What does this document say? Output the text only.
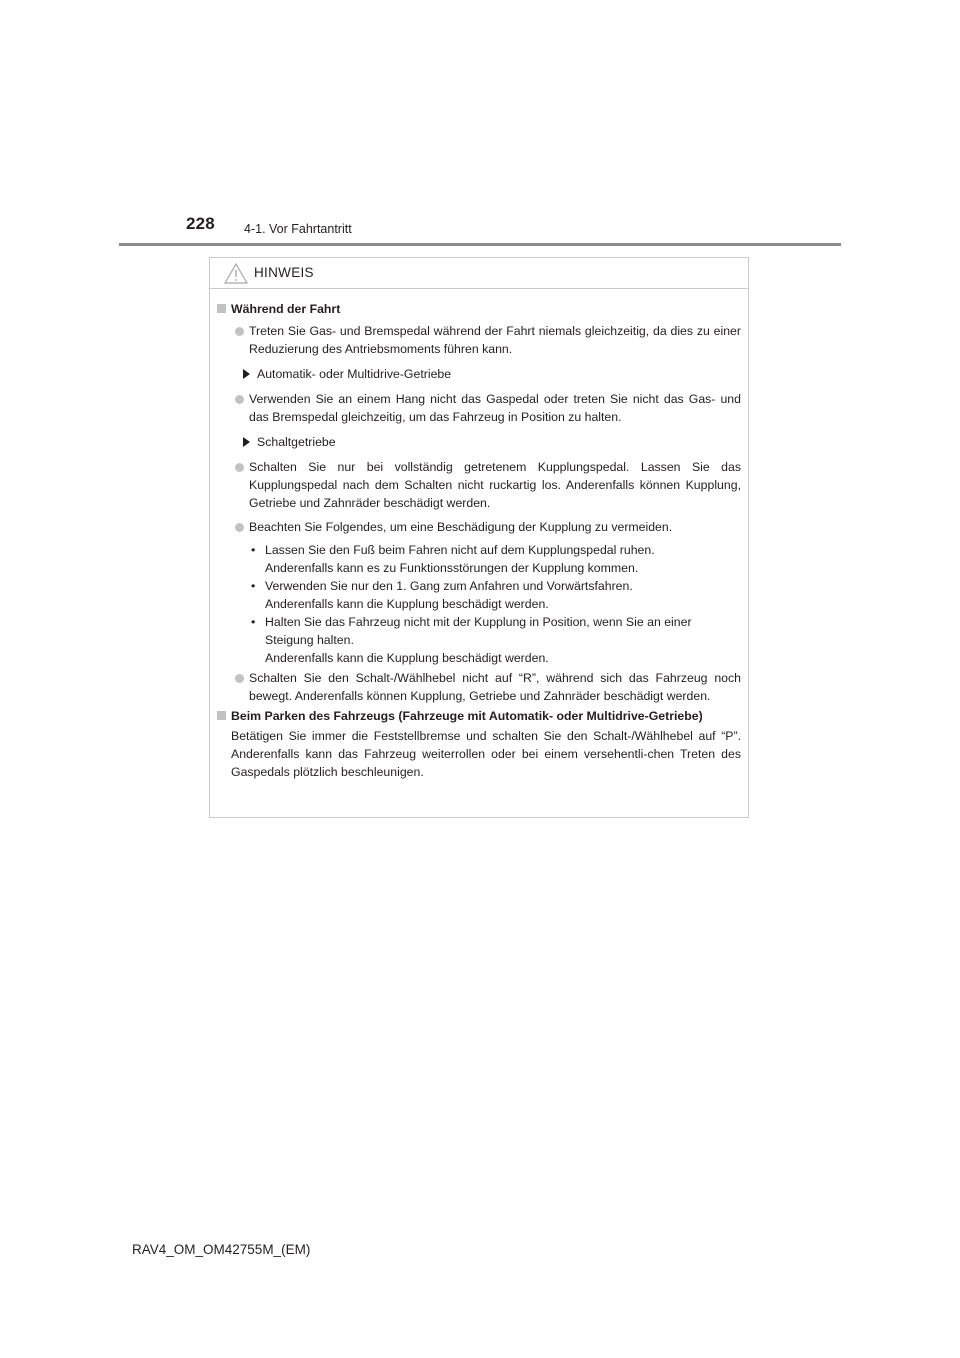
228 4-1. Vor Fahrtantritt
HINWEIS
Während der Fahrt
Treten Sie Gas- und Bremspedal während der Fahrt niemals gleichzeitig, da dies zu einer Reduzierung des Antriebsmoments führen kann.
Automatik- oder Multidrive-Getriebe
Verwenden Sie an einem Hang nicht das Gaspedal oder treten Sie nicht das Gas- und das Bremspedal gleichzeitig, um das Fahrzeug in Position zu halten.
Schaltgetriebe
Schalten Sie nur bei vollständig getretenem Kupplungspedal. Lassen Sie das Kupplungspedal nach dem Schalten nicht ruckartig los. Anderenfalls können Kupplung, Getriebe und Zahnräder beschädigt werden.
Beachten Sie Folgendes, um eine Beschädigung der Kupplung zu vermeiden.
• Lassen Sie den Fuß beim Fahren nicht auf dem Kupplungspedal ruhen.
Anderenfalls kann es zu Funktionsstörungen der Kupplung kommen.
• Verwenden Sie nur den 1. Gang zum Anfahren und Vorwärtsfahren.
Anderenfalls kann die Kupplung beschädigt werden.
• Halten Sie das Fahrzeug nicht mit der Kupplung in Position, wenn Sie an einer Steigung halten.
Anderenfalls kann die Kupplung beschädigt werden.
Schalten Sie den Schalt-/Wählhebel nicht auf “R”, während sich das Fahrzeug noch bewegt. Anderenfalls können Kupplung, Getriebe und Zahnräder beschädigt werden.
Beim Parken des Fahrzeugs (Fahrzeuge mit Automatik- oder Multidrive-Getriebe)
Betätigen Sie immer die Feststellbremse und schalten Sie den Schalt-/Wählhebel auf “P”. Anderenfalls kann das Fahrzeug weiterrollen oder bei einem versehentli-chen Treten des Gaspedals plötzlich beschleunigen.
RAV4_OM_OM42755M_(EM)
